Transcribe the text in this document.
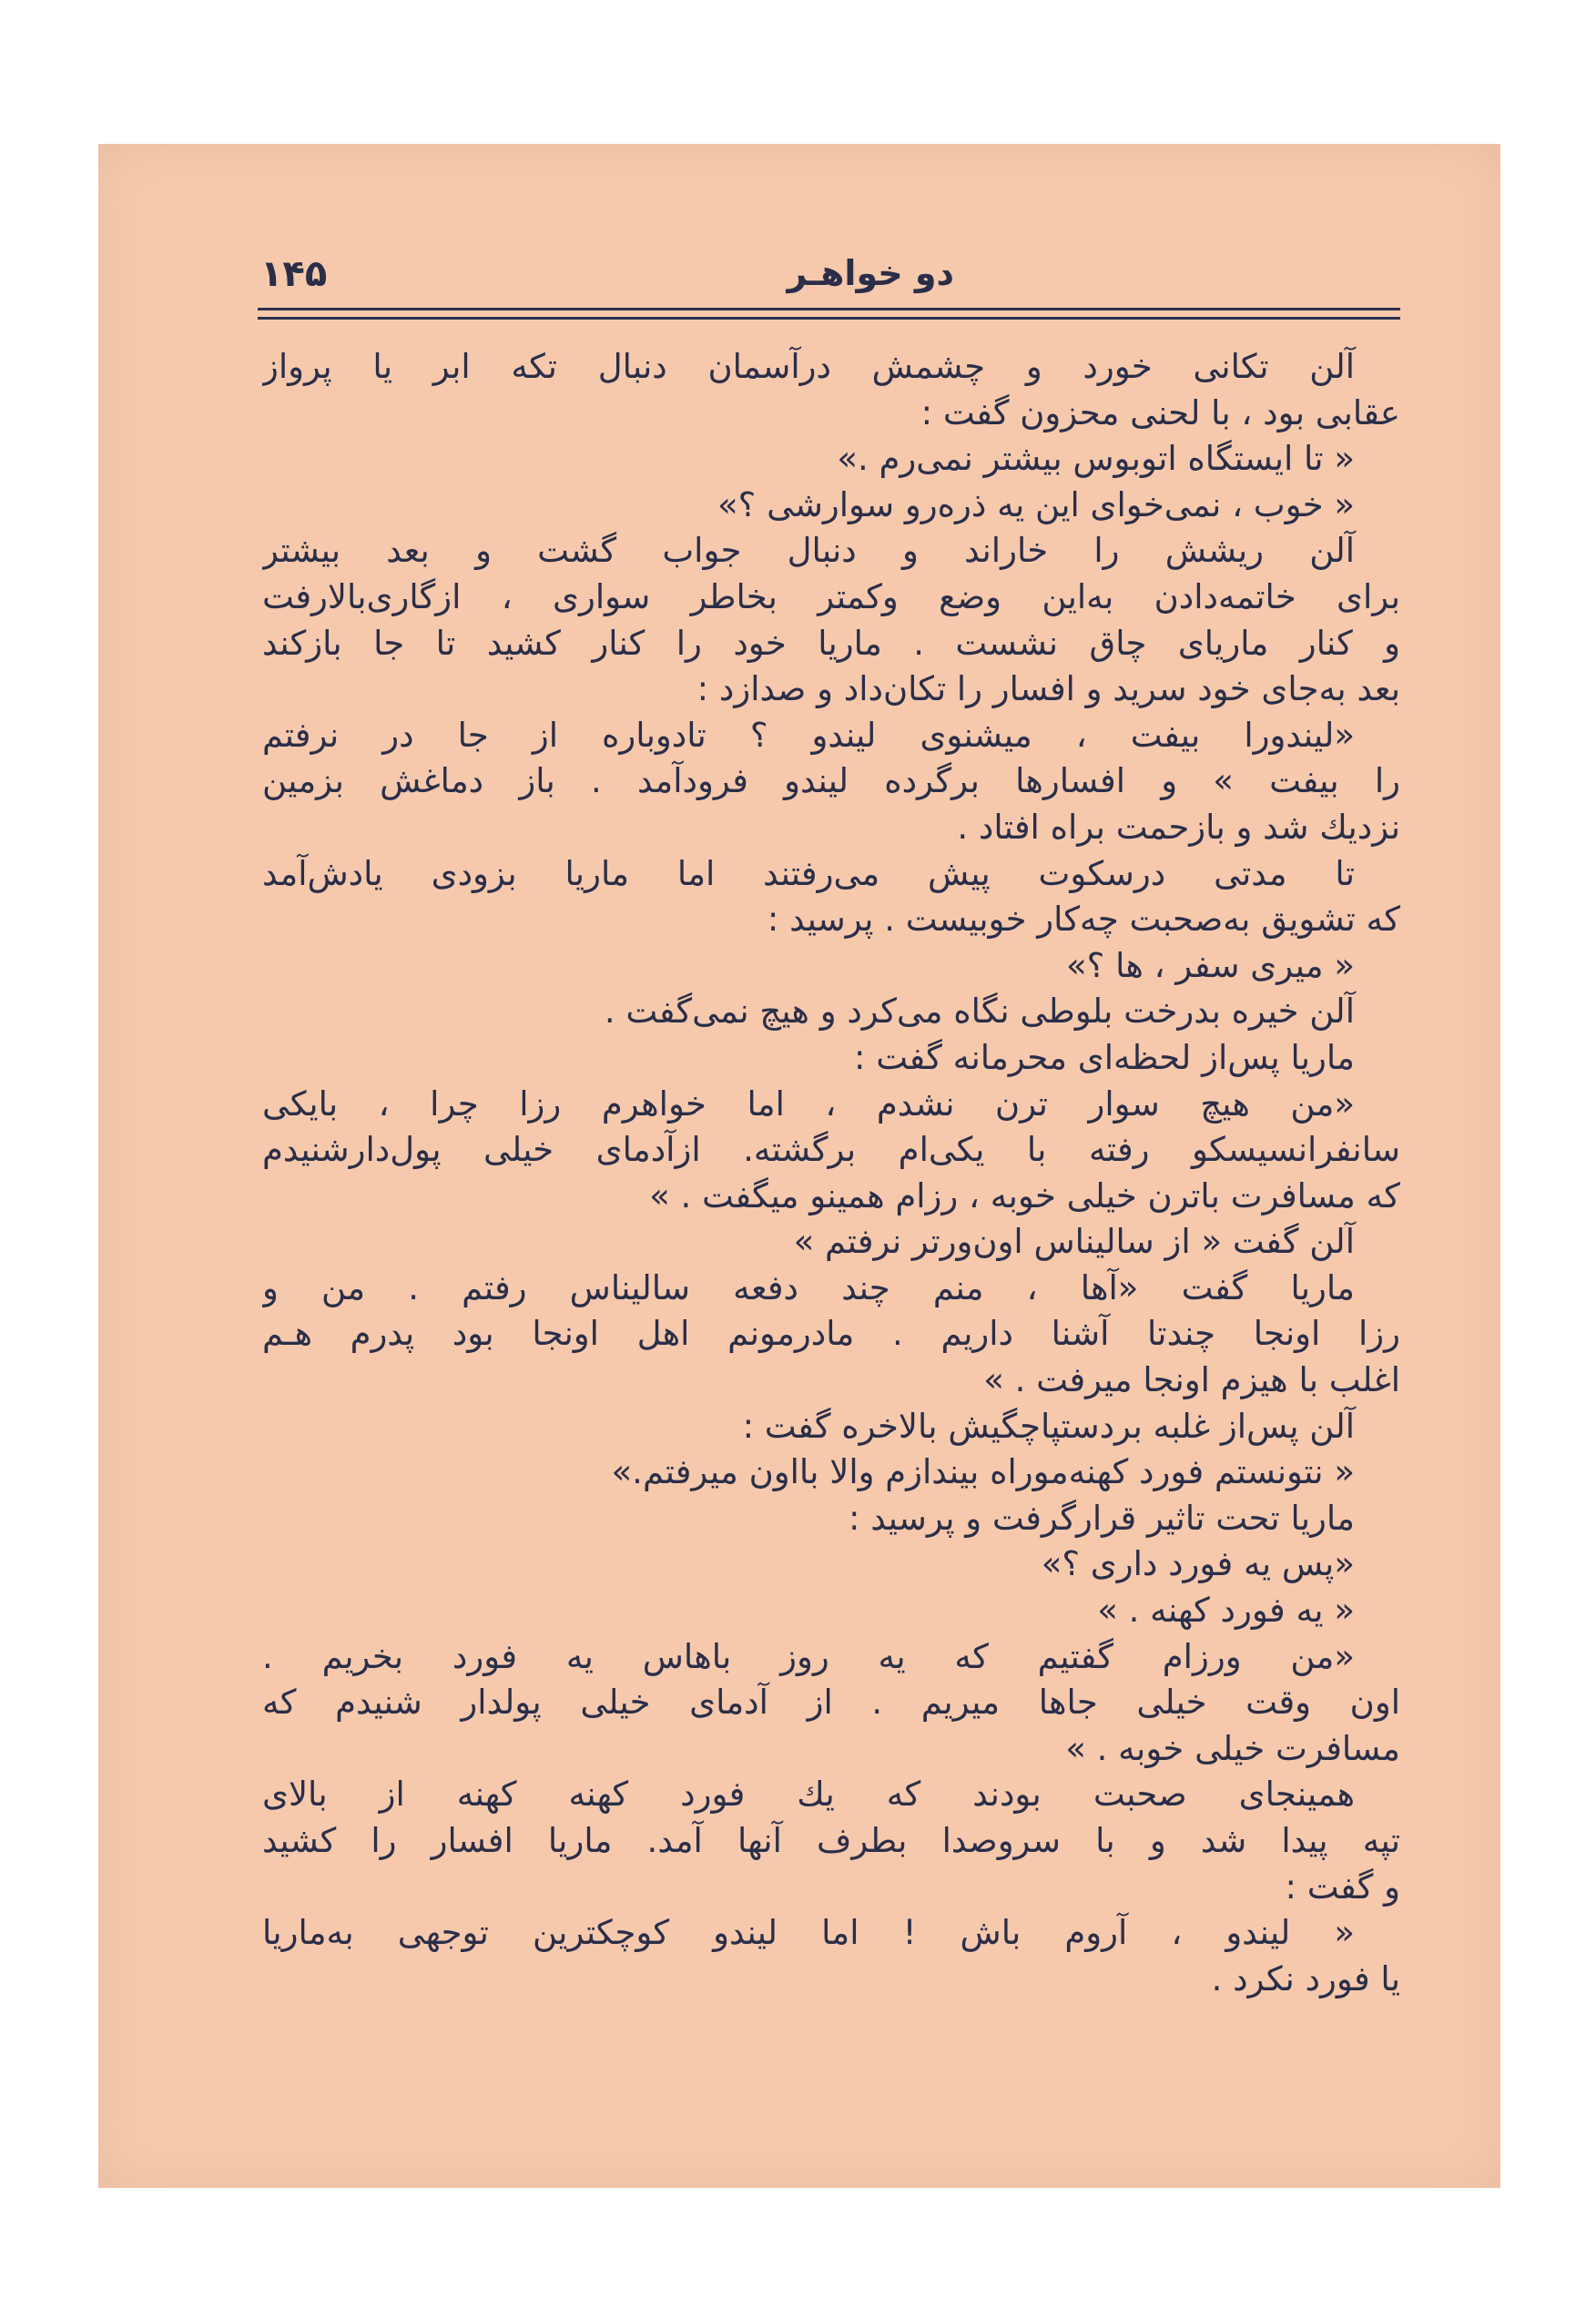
دو خواهـر
۱۴۵
آلن تکانی خورد و چشمش درآسمان دنبال تکه ابر یا پرواز
عقابی بود ، با لحنی محزون گفت :
« تا ایستگاه اتوبوس بیشتر نمی‌رم .»
« خوب ، نمی‌خوای این یه ذره‌رو سوارشی ؟»
آلن ریشش را خاراند و دنبال جواب گشت و بعد بیشتر
برای خاتمه‌دادن به‌این وضع وکمتر بخاطر سواری ، ازگاری‌بالارفت
و کنار ماریای چاق نشست . ماریا خود را کنار کشید تا جا بازکند
بعد به‌جای خود سرید و افسار را تکان‌داد و صدازد :
«لیندورا بیفت ، میشنوی لیندو ؟ تادوباره از جا در نرفتم
را بیفت » و افسارها برگرده لیندو فرودآمد . باز دماغش بزمین
نزدیك شد و بازحمت براه افتاد .
تا مدتی درسکوت پیش می‌رفتند اما ماریا بزودی یادش‌آمد
که تشویق به‌صحبت چه‌کار خوبیست . پرسید :
« میری سفر ، ها ؟»
آلن خیره بدرخت بلوطی نگاه می‌کرد و هیچ نمی‌گفت .
ماریا پس‌از لحظه‌ای محرمانه گفت :
«من هیچ سوار ترن نشدم ، اما خواهرم رزا چرا ، بایکی
سانفرانسیسکو رفته با یکی‌ام برگشته. ازآدمای خیلی پول‌دارشنیدم
که مسافرت باترن خیلی خوبه ، رزام همینو میگفت . »
آلن گفت « از سالیناس اون‌ورتر نرفتم »
ماریا گفت «آها ، منم چند دفعه سالیناس رفتم . من و
رزا اونجا چندتا آشنا داریم . مادرمونم اهل اونجا بود پدرم هـم
اغلب با هیزم اونجا میرفت . »
آلن پس‌از غلبه بردستپاچگیش بالاخره گفت :
« نتونستم فورد کهنه‌موراه بیندازم والا بااون میرفتم.»
ماریا تحت تاثیر قرارگرفت و پرسید :
«پس یه فورد داری ؟»
« یه فورد کهنه . »
«من ورزام گفتیم که یه روز باهاس یه فورد بخریم .
اون وقت خیلی جاها میریم . از آدمای خیلی پولدار شنیدم که
مسافرت خیلی خوبه . »
همینجای صحبت بودند که یك فورد کهنه کهنه از بالای
تپه پیدا شد و با سروصدا بطرف آنها آمد. ماریا افسار را کشید
و گفت :
« لیندو ، آروم باش ! اما لیندو کوچکترین توجهی به‌ماریا
یا فورد نکرد .
